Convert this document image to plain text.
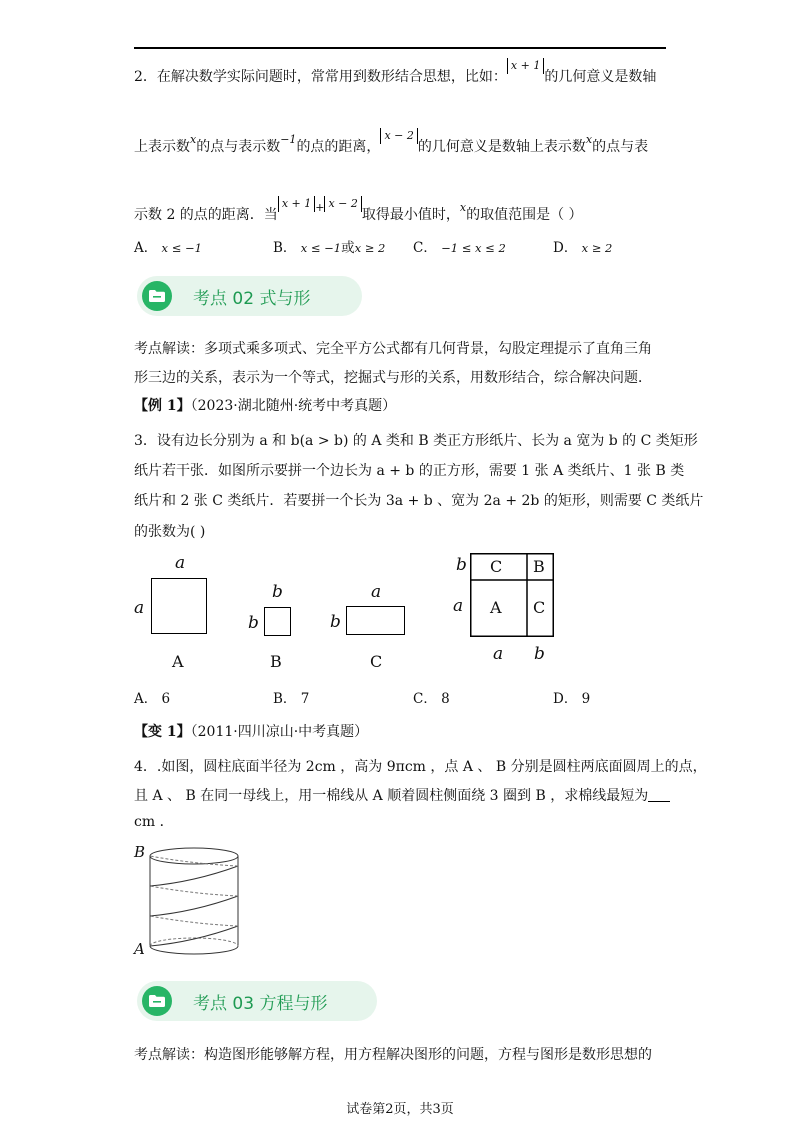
2．在解决数学实际问题时，常常用到数形结合思想，比如：x + 1的几何意义是数轴
上表示数$^x$的点与表示数$^{-1}$的点的距离，x − 2的几何意义是数轴上表示数$^x$的点与表
示数 2 的点的距离．当x + 1 + x − 2取得最小值时，$^x$的取值范围是（ ）
A． x ≤ −1	B． x ≤ −1或x ≥ 2 C． −1 ≤ x ≤ 2	D． x ≥ 2
考点 02 式与形
考点解读：多项式乘多项式、完全平方公式都有几何背景，勾股定理提示了直角三角
形三边的关系，表示为一个等式，挖掘式与形的关系，用数形结合，综合解决问题．
【例 1】（2023·湖北随州·统考中考真题）
3．设有边长分别为 a 和 b(a > b) 的 A 类和 B 类正方形纸片、长为 a 宽为 b 的 C 类矩形
纸片若干张．如图所示要拼一个边长为 a + b 的正方形，需要 1 张 A 类纸片、1 张 B 类
纸片和 2 张 C 类纸片．若要拼一个长为 3a + b 、宽为 2a + 2b 的矩形，则需要 C 类纸片
的张数为( )
a
a
A
b
b
B
a
b
C
b
a
C B
A C
a b
A． 6	B． 7	C． 8	D． 9
【变 1】（2011·四川凉山·中考真题）
4．.如图，圆柱底面半径为 2cm ，高为 9πcm ，点 A 、 B 分别是圆柱两底面圆周上的点，
且 A 、 B 在同一母线上，用一棉线从 A 顺着圆柱侧面绕 3 圈到 B ，求棉线最短为
cm ．
B
A
考点 03 方程与形
考点解读：构造图形能够解方程，用方程解决图形的问题，方程与图形是数形思想的
试卷第2页，共3页
